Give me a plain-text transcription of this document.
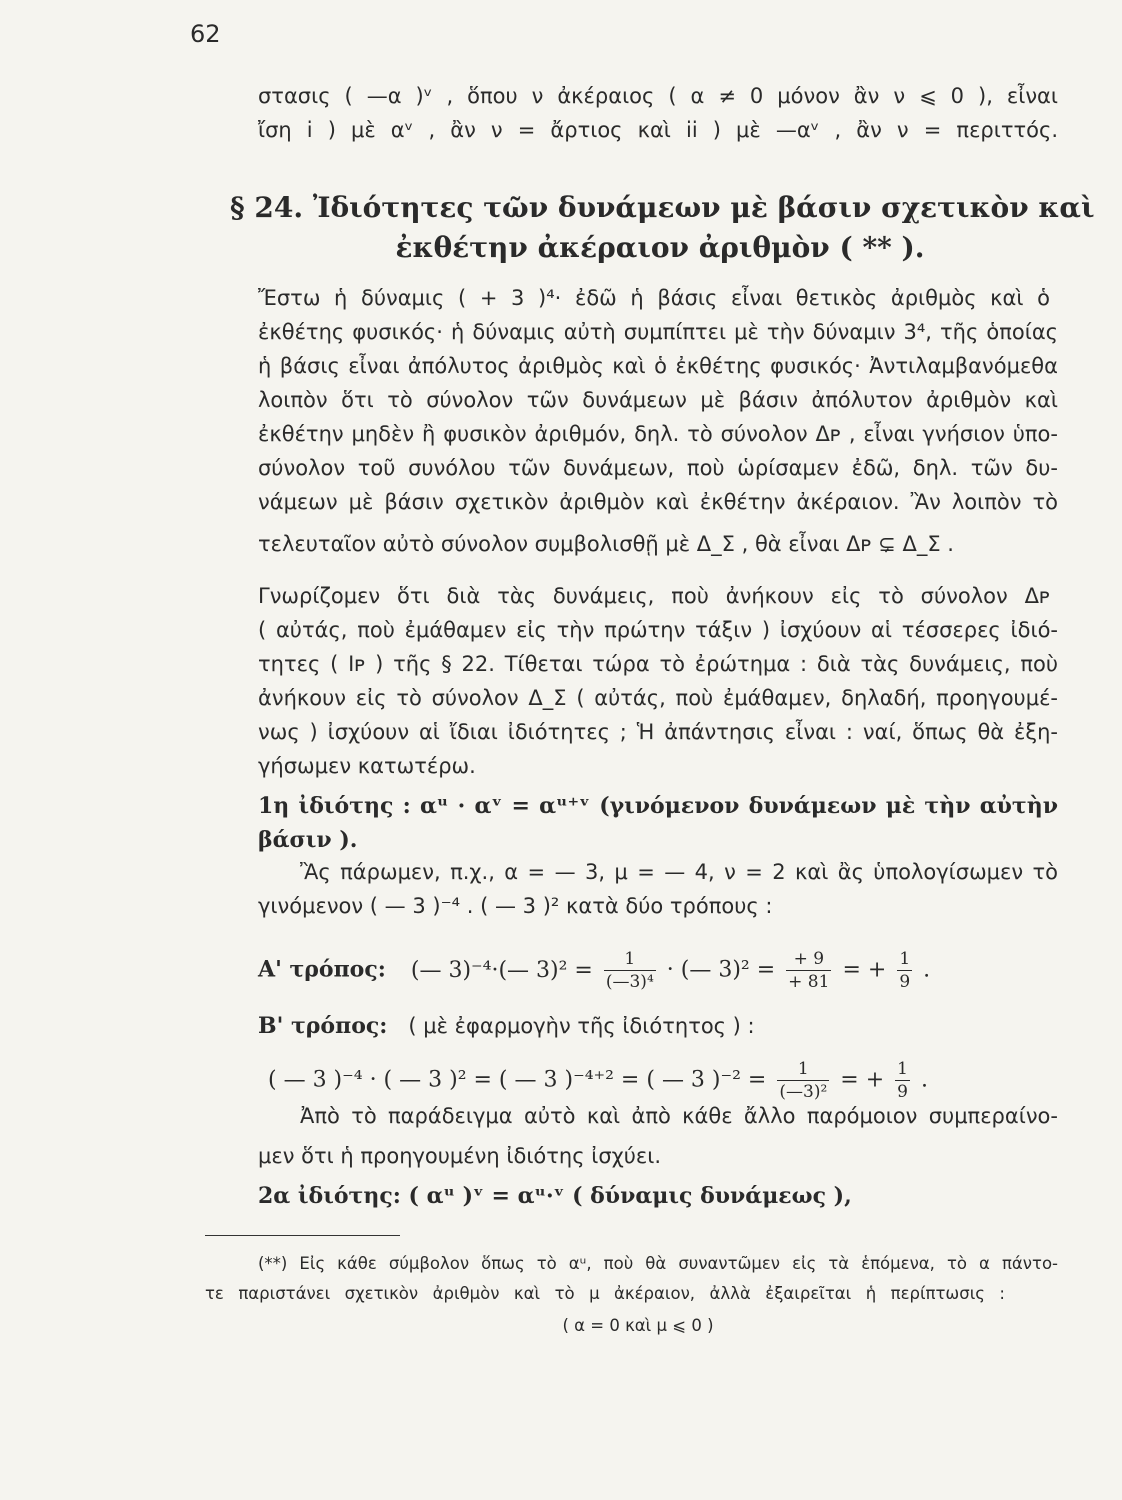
62
στασις ( —α )ᵛ , ὅπου ν ἀκέραιος ( α ≠ 0 μόνον ἂν ν ⩽ 0 ), εἶναι
ἴση i ) μὲ αᵛ , ἂν ν = ἄρτιος καὶ ii ) μὲ —αᵛ , ἂν ν = περιττός.
§ 24. Ἰδιότητες τῶν δυνάμεων μὲ βάσιν σχετικὸν καὶ
ἐκθέτην ἀκέραιον ἀριθμὸν ( ** ).
Ἔστω ἡ δύναμις ( + 3 )⁴· ἐδῶ ἡ βάσις εἶναι θετικὸς ἀριθμὸς καὶ ὁ
ἐκθέτης φυσικός· ἡ δύναμις αὐτὴ συμπίπτει μὲ τὴν δύναμιν 3⁴, τῆς ὁποίας
ἡ βάσις εἶναι ἀπόλυτος ἀριθμὸς καὶ ὁ ἐκθέτης φυσικός· Ἀντιλαμβανόμεθα
λοιπὸν ὅτι τὸ σύνολον τῶν δυνάμεων μὲ βάσιν ἀπόλυτον ἀριθμὸν καὶ
ἐκθέτην μηδὲν ἢ φυσικὸν ἀριθμόν, δηλ. τὸ σύνολον Δᴘ , εἶναι γνήσιον ὑπο-
σύνολον τοῦ συνόλου τῶν δυνάμεων, ποὺ ὡρίσαμεν ἐδῶ, δηλ. τῶν δυ-
νάμεων μὲ βάσιν σχετικὸν ἀριθμὸν καὶ ἐκθέτην ἀκέραιον. Ἂν λοιπὸν τὸ
τελευταῖον αὐτὸ σύνολον συμβολισθῇ μὲ Δ_Σ , θὰ εἶναι Δᴘ ⊊ Δ_Σ .
Γνωρίζομεν ὅτι διὰ τὰς δυνάμεις, ποὺ ἀνήκουν εἰς τὸ σύνολον Δᴘ
( αὐτάς, ποὺ ἐμάθαμεν εἰς τὴν πρώτην τάξιν ) ἰσχύουν αἱ τέσσερες ἰδιό-
τητες ( Iᴘ ) τῆς § 22. Τίθεται τώρα τὸ ἐρώτημα : διὰ τὰς δυνάμεις, ποὺ
ἀνήκουν εἰς τὸ σύνολον Δ_Σ ( αὐτάς, ποὺ ἐμάθαμεν, δηλαδή, προηγουμέ-
νως ) ἰσχύουν αἱ ἴδιαι ἰδιότητες ; Ἡ ἀπάντησις εἶναι : ναί, ὅπως θὰ ἐξη-
γήσωμεν κατωτέρω.
1η ἰδιότης : αᵘ · αᵛ = αᵘ⁺ᵛ (γινόμενον δυνάμεων μὲ τὴν αὐτὴν
βάσιν ).
Ἂς πάρωμεν, π.χ., α = — 3, μ = — 4, ν = 2 καὶ ἂς ὑπολογίσωμεν τὸ
γινόμενον ( — 3 )⁻⁴ . ( — 3 )² κατὰ δύο τρόπους :
Α' τρόπος: (— 3)⁻⁴·(— $3)^2 = \frac{1}{\text{(—3)⁴}}$ · (— $3)^2 = \frac{+ 9}{+ 81}$ = + $\frac{1}{9}$ .
Β' τρόπος: ( μὲ ἐφαρμογὴν τῆς ἰδιότητος ) :
( — 3 )⁻⁴ · ( — 3 )² = ( — 3 )⁻⁴⁺² = ( — 3 )$^{-2} = \frac{1}{\text{(—3)²}}$ = + $\frac{1}{9}$ .
Ἀπὸ τὸ παράδειγμα αὐτὸ καὶ ἀπὸ κάθε ἄλλο παρόμοιον συμπεραίνο-
μεν ὅτι ἡ προηγουμένη ἰδιότης ἰσχύει.
2α ἰδιότης: ( αᵘ )ᵛ = αᵘ·ᵛ ( δύναμις δυνάμεως ),
(**) Εἰς κάθε σύμβολον ὅπως τὸ αᵘ, ποὺ θὰ συναντῶμεν εἰς τὰ ἑπόμενα, τὸ α πάντο-
τε παριστάνει σχετικὸν ἀριθμὸν καὶ τὸ μ ἀκέραιον, ἀλλὰ ἐξαιρεῖται ἡ περίπτωσις :
( α = 0 καὶ μ ⩽ 0 )
